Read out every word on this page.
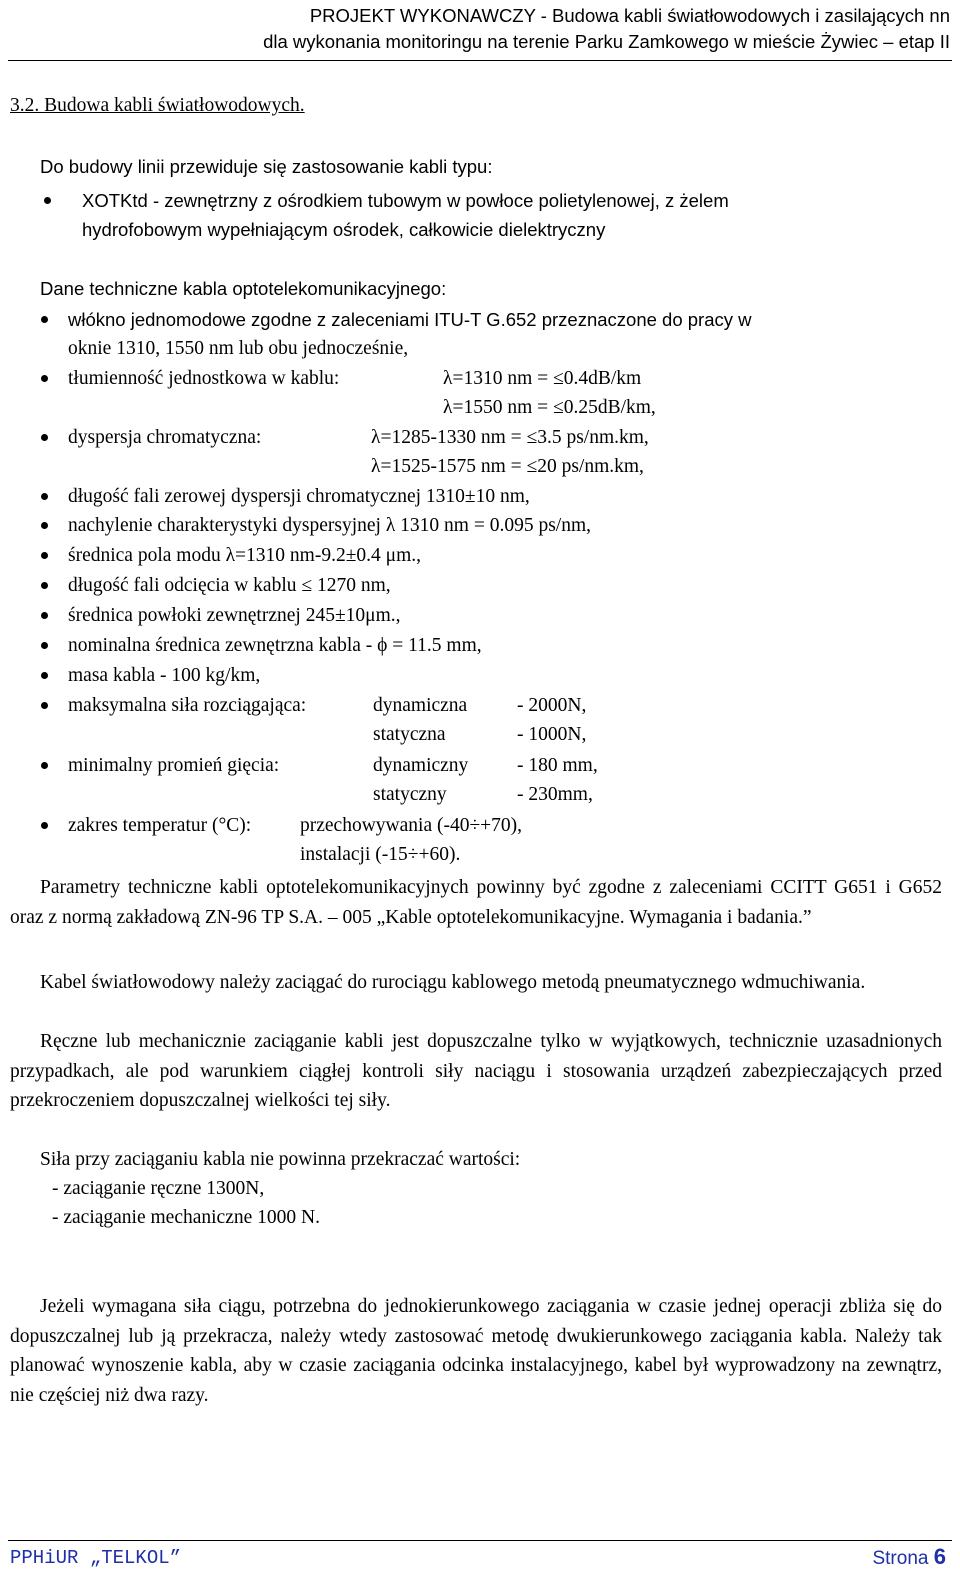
PROJEKT WYKONAWCZY - Budowa kabli światłowodowych i zasilających nn
dla wykonania monitoringu na terenie Parku Zamkowego w mieście Żywiec – etap II
3.2. Budowa kabli światłowodowych.
Do budowy linii przewiduje się zastosowanie kabli typu:
XOTKtd - zewnętrzny z ośrodkiem tubowym w powłoce polietylenowej, z żelem
hydrofobowym wypełniającym ośrodek, całkowicie dielektryczny
Dane techniczne kabla optotelekomunikacyjnego:
włókno jednomodowe zgodne z zaleceniami ITU-T G.652 przeznaczone do pracy w
oknie 1310, 1550 nm lub obu jednocześnie,
tłumienność jednostkowa w kablu:	λ=1310 nm = ≤0.4dB/km
λ=1550 nm = ≤0.25dB/km,
dyspersja chromatyczna:	λ=1285-1330 nm = ≤3.5 ps/nm.km,
λ=1525-1575 nm = ≤20 ps/nm.km,
długość fali zerowej dyspersji chromatycznej 1310±10 nm,
nachylenie charakterystyki dyspersyjnej λ 1310 nm = 0.095 ps/nm,
średnica pola modu λ=1310 nm-9.2±0.4 μm.,
długość fali odcięcia w kablu ≤ 1270 nm,
średnica powłoki zewnętrznej 245±10μm.,
nominalna średnica zewnętrzna kabla - ϕ = 11.5 mm,
masa kabla - 100 kg/km,
maksymalna siła rozciągająca:	dynamiczna	- 2000N,
statyczna	- 1000N,
minimalny promień gięcia:	dynamiczny - 180 mm,
statyczny	- 230mm,
zakres temperatur (°C):	przechowywania (-40÷+70),
instalacji (-15÷+60).
Parametry techniczne kabli optotelekomunikacyjnych powinny być zgodne z zaleceniami CCITT G651 i G652 oraz z normą zakładową ZN-96 TP S.A. – 005 „Kable optotelekomunikacyjne. Wymagania i badania.”
Kabel światłowodowy należy zaciągać do rurociągu kablowego metodą pneumatycznego wdmuchiwania.
Ręczne lub mechanicznie zaciąganie kabli jest dopuszczalne tylko w wyjątkowych, technicznie uzasadnionych przypadkach, ale pod warunkiem ciągłej kontroli siły naciągu i stosowania urządzeń zabezpieczających przed przekroczeniem dopuszczalnej wielkości tej siły.
Siła przy zaciąganiu kabla nie powinna przekraczać wartości:
- zaciąganie ręczne 1300N,
- zaciąganie mechaniczne 1000 N.
Jeżeli wymagana siła ciągu, potrzebna do jednokierunkowego zaciągania w czasie jednej operacji zbliża się do dopuszczalnej lub ją przekracza, należy wtedy zastosować metodę dwukierunkowego zaciągania kabla. Należy tak planować wynoszenie kabla, aby w czasie zaciągania odcinka instalacyjnego, kabel był wyprowadzony na zewnątrz, nie częściej niż dwa razy.
PPHiUR „TELKOL”	Strona 6
